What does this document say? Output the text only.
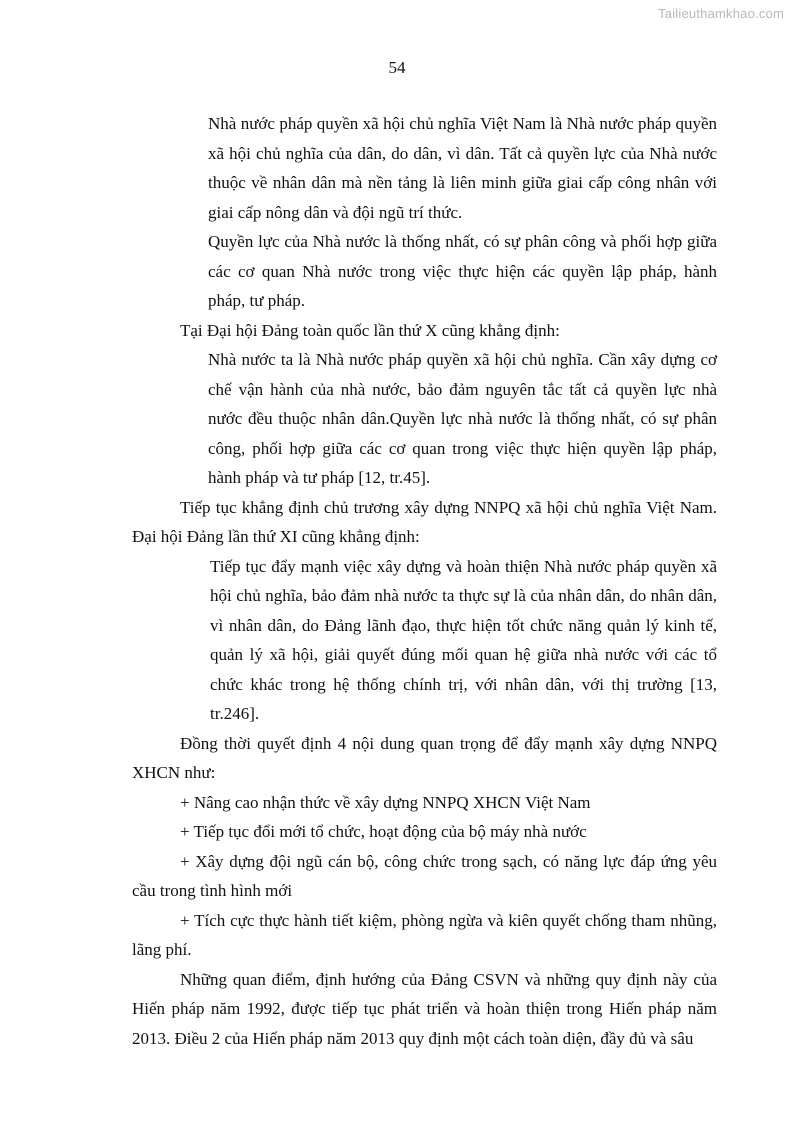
Tailieuthamkhao.com
54

Nhà nước pháp quyền xã hội chủ nghĩa Việt Nam là Nhà nước pháp quyền xã hội chủ nghĩa của dân, do dân, vì dân. Tất cả quyền lực của Nhà nước thuộc về nhân dân mà nền tảng là liên minh giữa giai cấp công nhân với giai cấp nông dân và đội ngũ trí thức.

Quyền lực của Nhà nước là thống nhất, có sự phân công và phối hợp giữa các cơ quan Nhà nước trong việc thực hiện các quyền lập pháp, hành pháp, tư pháp.

Tại Đại hội Đảng toàn quốc lần thứ X cũng khẳng định:

Nhà nước ta là Nhà nước pháp quyền xã hội chủ nghĩa. Cần xây dựng cơ chế vận hành của nhà nước, bảo đảm nguyên tắc tất cả quyền lực nhà nước đều thuộc nhân dân.Quyền lực nhà nước là thống nhất, có sự phân công, phối hợp giữa các cơ quan trong việc thực hiện quyền lập pháp, hành pháp và tư pháp [12, tr.45].

Tiếp tục khẳng định chủ trương xây dựng NNPQ xã hội chủ nghĩa Việt Nam. Đại hội Đảng lần thứ XI cũng khẳng định:

Tiếp tục đẩy mạnh việc xây dựng và hoàn thiện Nhà nước pháp quyền xã hội chủ nghĩa, bảo đảm nhà nước ta thực sự là của nhân dân, do nhân dân, vì nhân dân, do Đảng lãnh đạo, thực hiện tốt chức năng quản lý kinh tế, quản lý xã hội, giải quyết đúng mối quan hệ giữa nhà nước với các tổ chức khác trong hệ thống chính trị, với nhân dân, với thị trường [13, tr.246].

Đồng thời quyết định 4 nội dung quan trọng để đẩy mạnh xây dựng NNPQ XHCN như:

+ Nâng cao nhận thức về xây dựng NNPQ XHCN Việt Nam

+ Tiếp tục đổi mới tổ chức, hoạt động của bộ máy nhà nước

+ Xây dựng đội ngũ cán bộ, công chức trong sạch, có năng lực đáp ứng yêu cầu trong tình hình mới

+ Tích cực thực hành tiết kiệm, phòng ngừa và kiên quyết chống tham nhũng, lãng phí.

Những quan điểm, định hướng của Đảng CSVN và những quy định này của Hiến pháp năm 1992, được tiếp tục phát triển và hoàn thiện trong Hiến pháp năm 2013. Điều 2 của Hiến pháp năm 2013 quy định một cách toàn diện, đầy đủ và sâu
